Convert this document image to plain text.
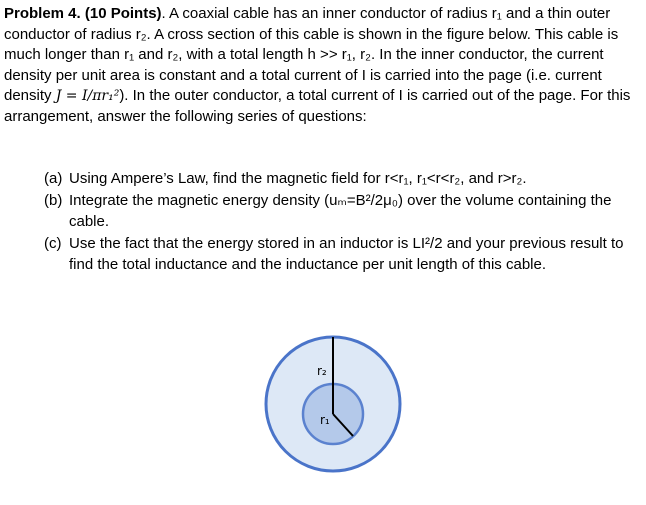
Problem 4. (10 Points). A coaxial cable has an inner conductor of radius r₁ and a thin outer conductor of radius r₂. A cross section of this cable is shown in the figure below. This cable is much longer than r₁ and r₂, with a total length h >> r₁, r₂. In the inner conductor, the current density per unit area is constant and a total current of I is carried into the page (i.e. current density J = I/πr₁²). In the outer conductor, a total current of I is carried out of the page. For this arrangement, answer the following series of questions:

(a) Using Ampere’s Law, find the magnetic field for r<r₁, r₁<r<r₂, and r>r₂.
(b) Integrate the magnetic energy density (uₘ=B²/2μ₀) over the volume containing the cable.
(c) Use the fact that the energy stored in an inductor is LI²/2 and your previous result to find the total inductance and the inductance per unit length of this cable.
r₂
r₁
